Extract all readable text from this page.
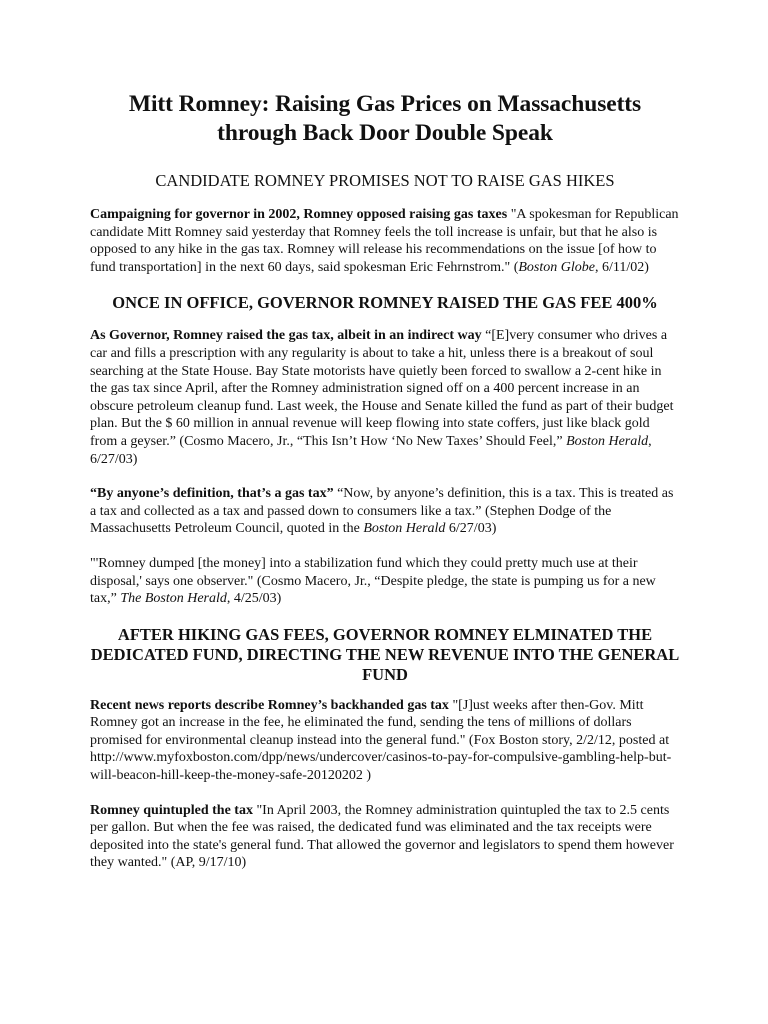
Mitt Romney: Raising Gas Prices on Massachusetts through Back Door Double Speak
CANDIDATE ROMNEY PROMISES NOT TO RAISE GAS HIKES

Campaigning for governor in 2002, Romney opposed raising gas taxes "A spokesman for Republican candidate Mitt Romney said yesterday that Romney feels the toll increase is unfair, but that he also is opposed to any hike in the gas tax. Romney will release his recommendations on the issue [of how to fund transportation] in the next 60 days, said spokesman Eric Fehrnstrom." (Boston Globe, 6/11/02)

ONCE IN OFFICE, GOVERNOR ROMNEY RAISED THE GAS FEE 400%

As Governor, Romney raised the gas tax, albeit in an indirect way “[E]very consumer who drives a car and fills a prescription with any regularity is about to take a hit, unless there is a breakout of soul searching at the State House. Bay State motorists have quietly been forced to swallow a 2-cent hike in the gas tax since April, after the Romney administration signed off on a 400 percent increase in an obscure petroleum cleanup fund. Last week, the House and Senate killed the fund as part of their budget plan. But the $ 60 million in annual revenue will keep flowing into state coffers, just like black gold from a geyser.” (Cosmo Macero, Jr., “This Isn’t How ‘No New Taxes’ Should Feel,” Boston Herald, 6/27/03)

“By anyone’s definition, that’s a gas tax” “Now, by anyone’s definition, this is a tax. This is treated as a tax and collected as a tax and passed down to consumers like a tax.” (Stephen Dodge of the Massachusetts Petroleum Council, quoted in the Boston Herald 6/27/03)

"'Romney dumped [the money] into a stabilization fund which they could pretty much use at their disposal,' says one observer." (Cosmo Macero, Jr., “Despite pledge, the state is pumping us for a new tax,” The Boston Herald, 4/25/03)

AFTER HIKING GAS FEES, GOVERNOR ROMNEY ELMINATED THE DEDICATED FUND, DIRECTING THE NEW REVENUE INTO THE GENERAL FUND

Recent news reports describe Romney’s backhanded gas tax "[J]ust weeks after then-Gov. Mitt Romney got an increase in the fee, he eliminated the fund, sending the tens of millions of dollars promised for environmental cleanup instead into the general fund." (Fox Boston story, 2/2/12, posted at http://www.myfoxboston.com/dpp/news/undercover/casinos-to-pay-for-compulsive-gambling-help-but-will-beacon-hill-keep-the-money-safe-20120202 )

Romney quintupled the tax "In April 2003, the Romney administration quintupled the tax to 2.5 cents per gallon. But when the fee was raised, the dedicated fund was eliminated and the tax receipts were deposited into the state's general fund. That allowed the governor and legislators to spend them however they wanted." (AP, 9/17/10)
